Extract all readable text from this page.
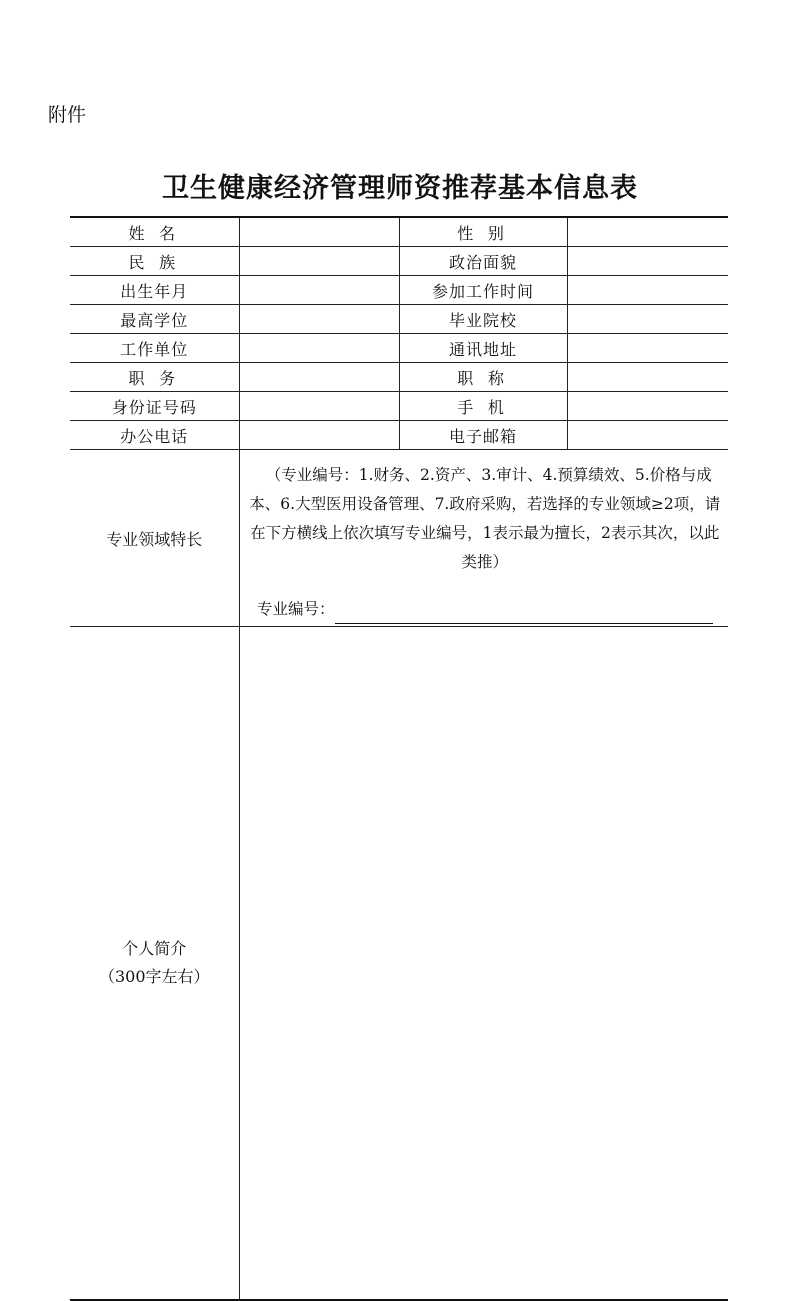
附件
卫生健康经济管理师资推荐基本信息表
姓 名		性 别	
民 族		政治面貌	
出生年月		参加工作时间	
最高学位		毕业院校	
工作单位		通讯地址	
职 务		职 称	
身份证号码		手 机	
办公电话		电子邮箱	
专业领域特长	（专业编号：1.财务、2.资产、3.审计、4.预算绩效、5.价格与成本、6.大型医用设备管理、7.政府采购，若选择的专业领域≥2项，请在下方横线上依次填写专业编号，1表示最为擅长，2表示其次，以此类推）
专业编号：		

个人简介
（300字左右）			
